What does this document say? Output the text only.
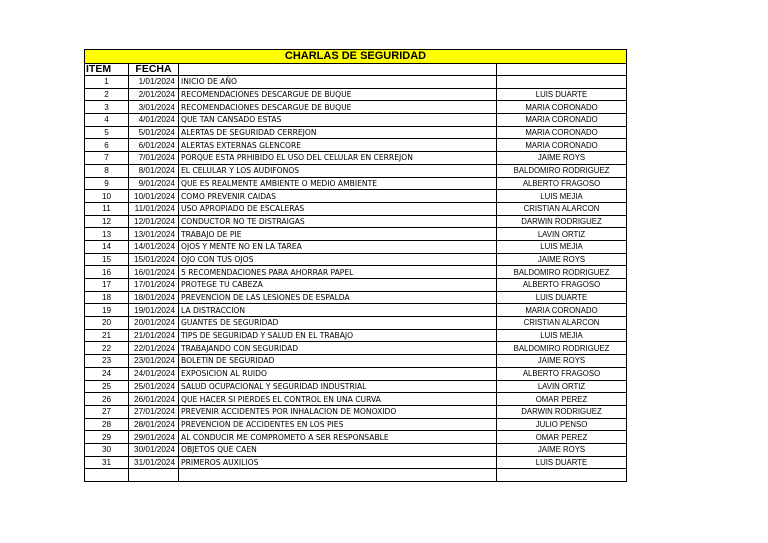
CHARLAS DE SEGURIDAD			
ITEM	FECHA		
1	1/01/2024	INICIO DE AÑO	
2	2/01/2024	RECOMENDACIONES DESCARGUE DE BUQUE	LUIS DUARTE
3	3/01/2024	RECOMENDACIONES DESCARGUE DE BUQUE	MARIA CORONADO
4	4/01/2024	QUE TAN CANSADO ESTAS	MARIA CORONADO
5	5/01/2024	ALERTAS DE SEGURIDAD CERREJON	MARIA CORONADO
6	6/01/2024	ALERTAS EXTERNAS GLENCORE	MARIA CORONADO
7	7/01/2024	PORQUE ESTA PRHIBIDO EL USO DEL CELULAR EN CERREJON	JAIME ROYS
8	8/01/2024	EL CELULAR Y LOS AUDIFONOS	BALDOMIRO RODRIGUEZ
9	9/01/2024	QUE ES REALMENTE AMBIENTE O MEDIO AMBIENTE	ALBERTO FRAGOSO
10	10/01/2024	COMO PREVENIR CAIDAS	LUIS MEJIA
11	11/01/2024	USO APROPIADO DE ESCALERAS	CRISTIAN ALARCON
12	12/01/2024	CONDUCTOR NO TE DISTRAIGAS	DARWIN RODRIGUEZ
13	13/01/2024	TRABAJO DE PIE	LAVIN ORTIZ
14	14/01/2024	OJOS Y MENTE NO EN LA TAREA	LUIS MEJIA
15	15/01/2024	OJO CON TUS OJOS	JAIME ROYS
16	16/01/2024	5 RECOMENDACIONES PARA AHORRAR PAPEL	BALDOMIRO RODRIGUEZ
17	17/01/2024	PROTEGE TU CABEZA	ALBERTO FRAGOSO
18	18/01/2024	PREVENCION DE LAS LESIONES DE ESPALDA	LUIS DUARTE
19	19/01/2024	LA DISTRACCION	MARIA CORONADO
20	20/01/2024	GUANTES DE SEGURIDAD	CRISTIAN ALARCON
21	21/01/2024	TIPS DE SEGURIDAD Y SALUD EN EL TRABAJO	LUIS MEJIA
22	22/01/2024	TRABAJANDO CON SEGURIDAD	BALDOMIRO RODRIGUEZ
23	23/01/2024	BOLETIN DE SEGURIDAD	JAIME ROYS
24	24/01/2024	EXPOSICION AL RUIDO	ALBERTO FRAGOSO
25	25/01/2024	SALUD OCUPACIONAL Y SEGURIDAD INDUSTRIAL	LAVIN ORTIZ
26	26/01/2024	QUE HACER SI PIERDES EL CONTROL EN UNA CURVA	OMAR PEREZ
27	27/01/2024	PREVENIR ACCIDENTES POR INHALACION DE MONOXIDO	DARWIN RODRIGUEZ
28	28/01/2024	PREVENCION DE ACCIDENTES EN LOS PIES	JULIO PENSO
29	29/01/2024	AL CONDUCIR ME COMPROMETO A SER RESPONSABLE	OMAR PEREZ
30	30/01/2024	OBJETOS QUE CAEN	JAIME ROYS
31	31/01/2024	PRIMEROS AUXILIOS	LUIS DUARTE
